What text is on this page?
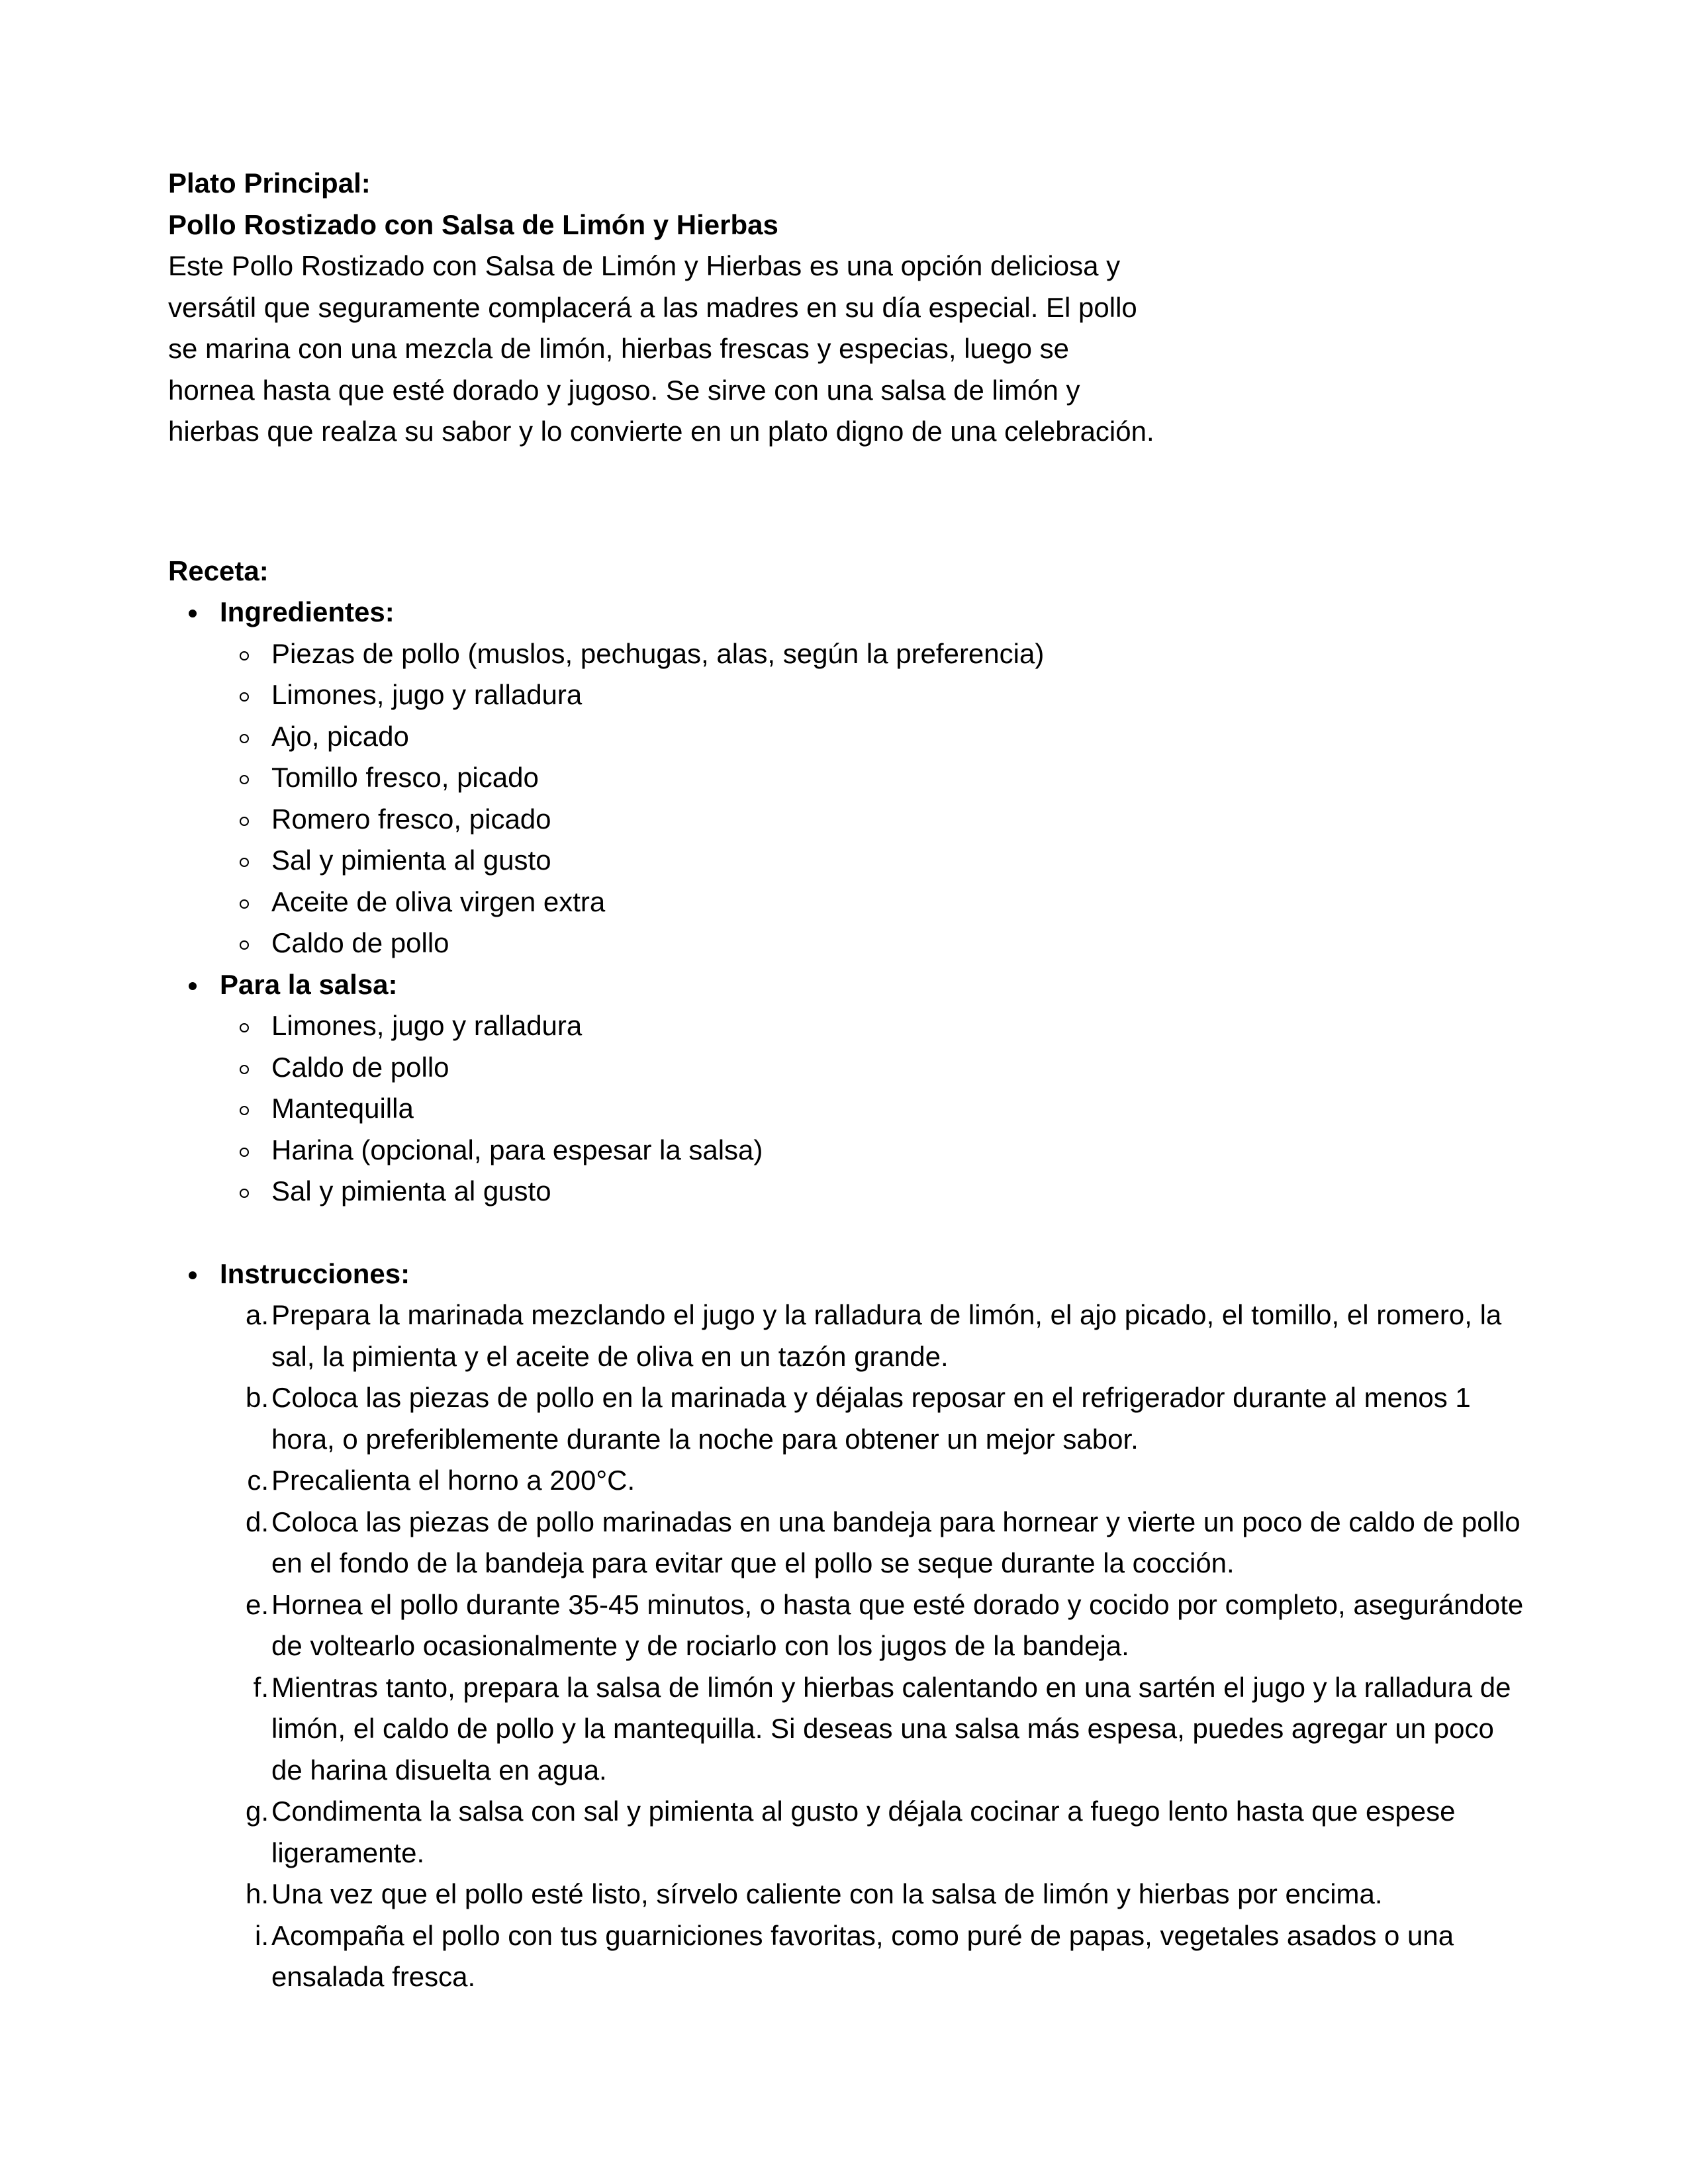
Plato Principal:

Pollo Rostizado con Salsa de Limón y Hierbas

Este Pollo Rostizado con Salsa de Limón y Hierbas es una opción deliciosa y versátil que seguramente complacerá a las madres en su día especial. El pollo se marina con una mezcla de limón, hierbas frescas y especias, luego se hornea hasta que esté dorado y jugoso. Se sirve con una salsa de limón y hierbas que realza su sabor y lo convierte en un plato digno de una celebración.

Receta:

Ingredientes:
Piezas de pollo (muslos, pechugas, alas, según la preferencia)
Limones, jugo y ralladura
Ajo, picado
Tomillo fresco, picado
Romero fresco, picado
Sal y pimienta al gusto
Aceite de oliva virgen extra
Caldo de pollo
Para la salsa:
Limones, jugo y ralladura
Caldo de pollo
Mantequilla
Harina (opcional, para espesar la salsa)
Sal y pimienta al gusto
Instrucciones:
a. Prepara la marinada mezclando el jugo y la ralladura de limón, el ajo picado, el tomillo, el romero, la sal, la pimienta y el aceite de oliva en un tazón grande.
b. Coloca las piezas de pollo en la marinada y déjalas reposar en el refrigerador durante al menos 1 hora, o preferiblemente durante la noche para obtener un mejor sabor.
c. Precalienta el horno a 200°C.
d. Coloca las piezas de pollo marinadas en una bandeja para hornear y vierte un poco de caldo de pollo en el fondo de la bandeja para evitar que el pollo se seque durante la cocción.
e. Hornea el pollo durante 35-45 minutos, o hasta que esté dorado y cocido por completo, asegurándote de voltearlo ocasionalmente y de rociarlo con los jugos de la bandeja.
f. Mientras tanto, prepara la salsa de limón y hierbas calentando en una sartén el jugo y la ralladura de limón, el caldo de pollo y la mantequilla. Si deseas una salsa más espesa, puedes agregar un poco de harina disuelta en agua.
g. Condimenta la salsa con sal y pimienta al gusto y déjala cocinar a fuego lento hasta que espese ligeramente.
h. Una vez que el pollo esté listo, sírvelo caliente con la salsa de limón y hierbas por encima.
i. Acompaña el pollo con tus guarniciones favoritas, como puré de papas, vegetales asados o una ensalada fresca.
